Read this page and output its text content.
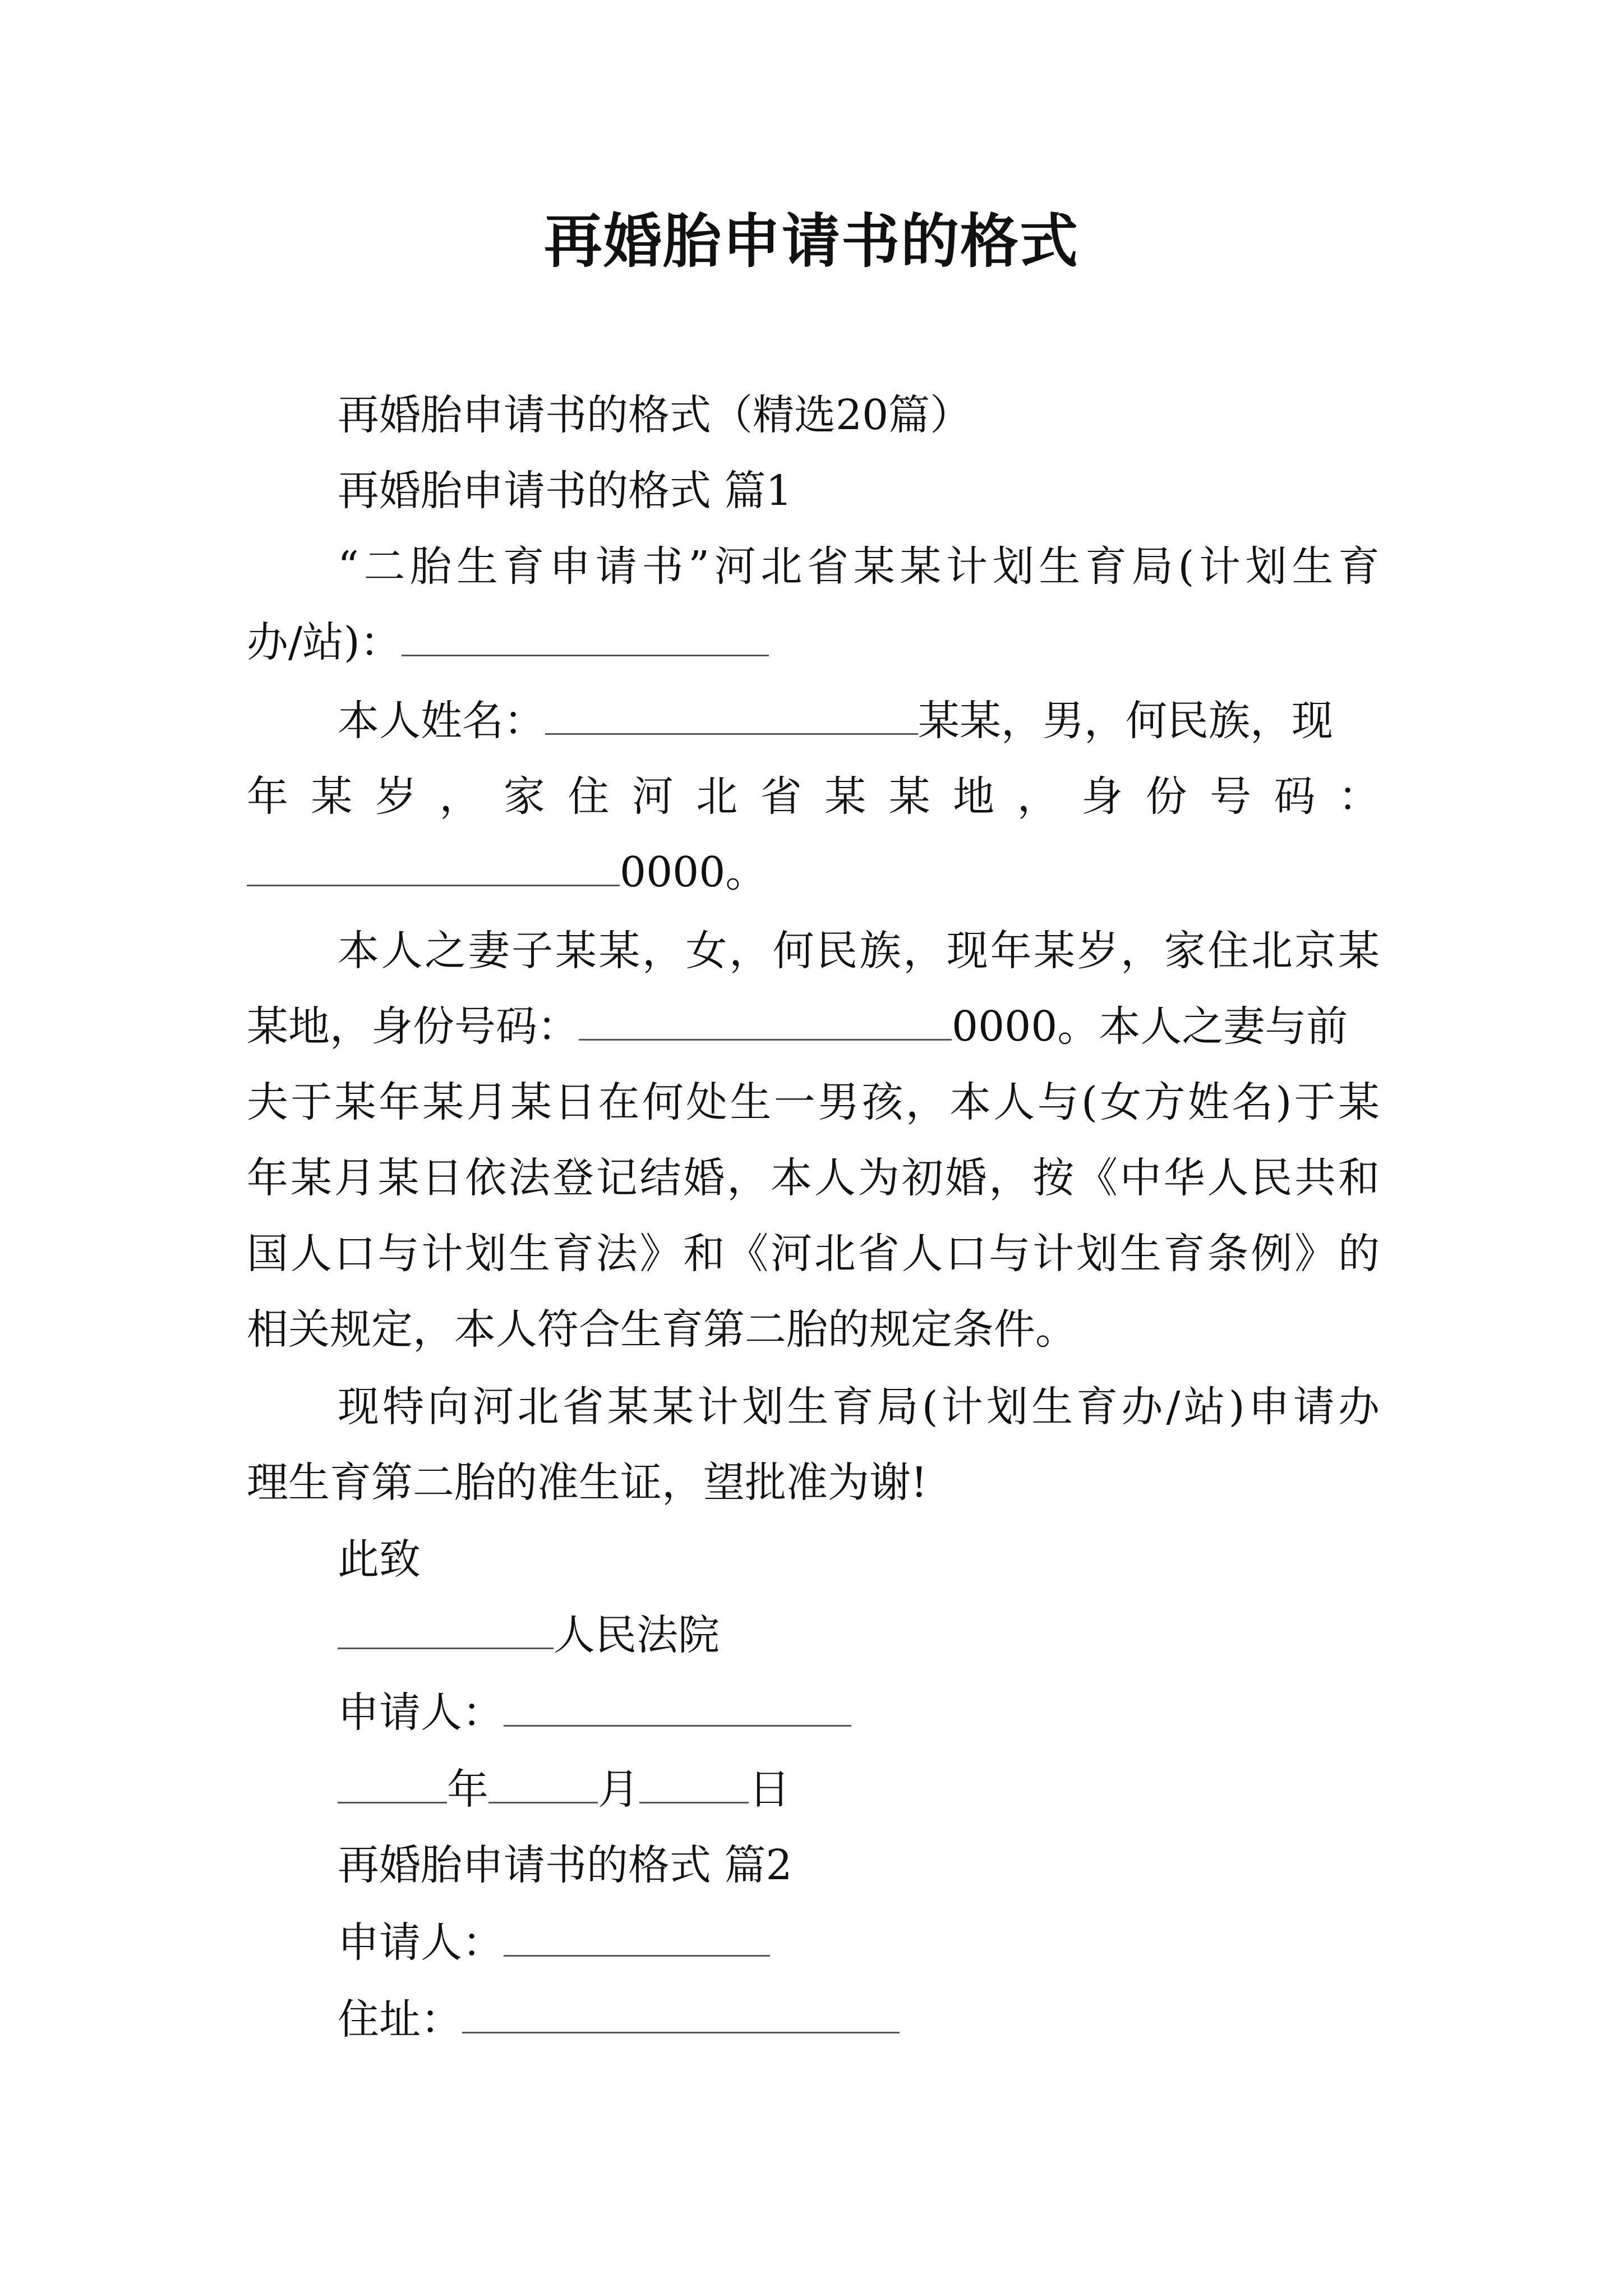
再婚胎申请书的格式
再婚胎申请书的格式（精选20篇）
再婚胎申请书的格式 篇1
“二胎生育申请书”河北省某某计划生育局(计划生育
办/站)：
本人姓名：	某某，男，何民族，现
年某岁，家住河北省某某地，身份号码：
0000。
本人之妻子某某，女，何民族，现年某岁，家住北京某
某地，身份号码：	0000。本人之妻与前
夫于某年某月某日在何处生一男孩，本人与(女方姓名)于某
年某月某日依法登记结婚，本人为初婚，按《中华人民共和
国人口与计划生育法》和《河北省人口与计划生育条例》的
相关规定，本人符合生育第二胎的规定条件。
现特向河北省某某计划生育局(计划生育办/站)申请办
理生育第二胎的准生证，望批准为谢!
此致
人民法院
申请人：
年	月	日
再婚胎申请书的格式 篇2
申请人：
住址：
